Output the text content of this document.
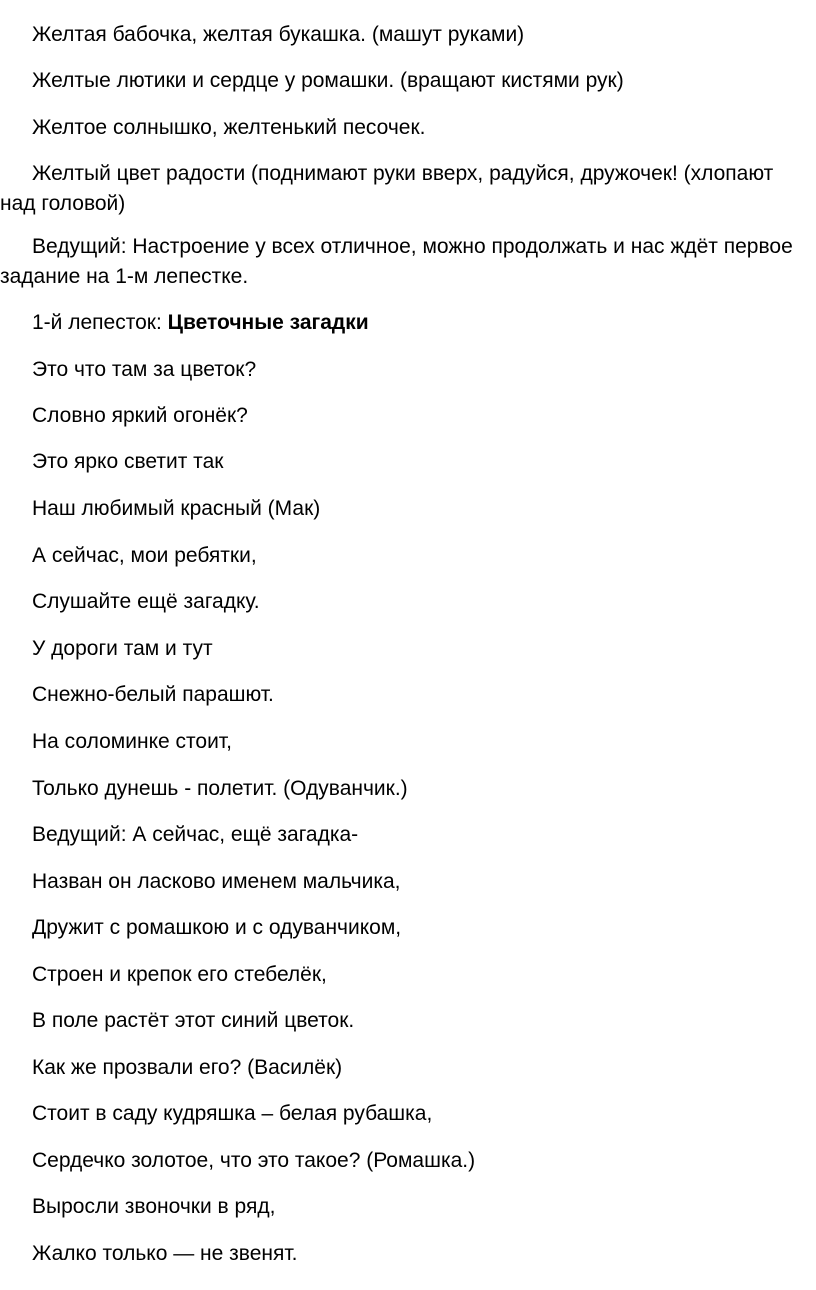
Желтая бабочка, желтая букашка. (машут руками)

Желтые лютики и сердце у ромашки. (вращают кистями рук)

Желтое солнышко, желтенький песочек.

Желтый цвет радости (поднимают руки вверх, радуйся, дружочек! (хлопают над головой)

Ведущий: Настроение у всех отличное, можно продолжать и нас ждёт первое задание на 1-м лепестке.

1-й лепесток: Цветочные загадки

Это что там за цветок?

Словно яркий огонёк?

Это ярко светит так

Наш любимый красный (Мак)

А сейчас, мои ребятки,

Слушайте ещё загадку.

У дороги там и тут

Снежно-белый парашют.

На соломинке стоит,

Только дунешь - полетит. (Одуванчик.)

Ведущий: А сейчас, ещё загадка-

Назван он ласково именем мальчика,

Дружит с ромашкою и с одуванчиком,

Строен и крепок его стебелёк,

В поле растёт этот синий цветок.

Как же прозвали его? (Василёк)

Стоит в саду кудряшка – белая рубашка,

Сердечко золотое, что это такое? (Ромашка.)

Выросли звоночки в ряд,

Жалко только — не звенят.
